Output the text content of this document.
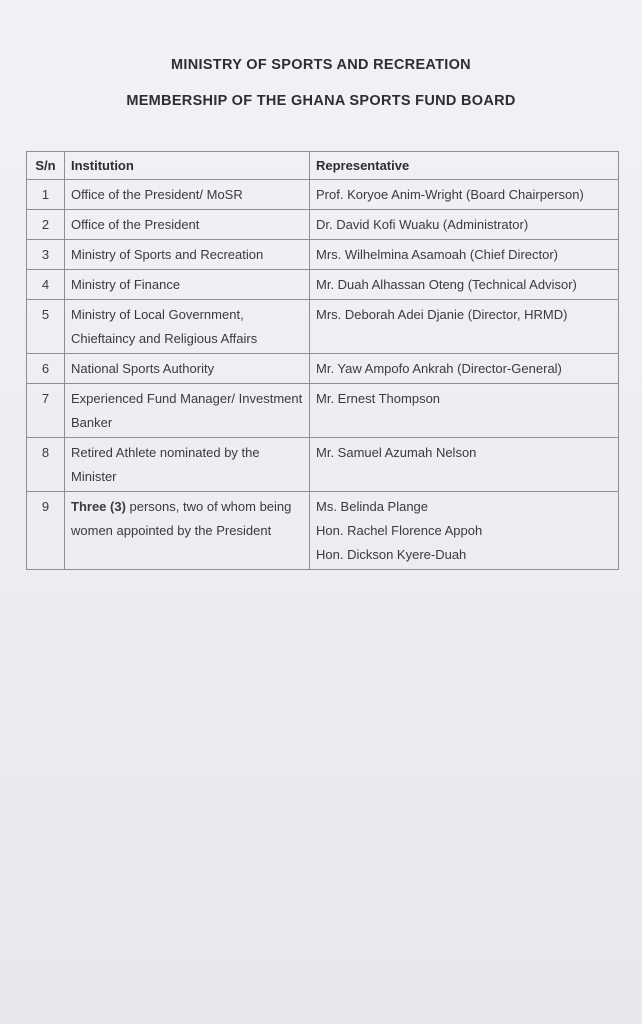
MINISTRY OF SPORTS AND RECREATION
MEMBERSHIP OF THE GHANA SPORTS FUND BOARD
S/n	Institution	Representative
1	Office of the President/ MoSR	Prof. Koryoe Anim-Wright (Board Chairperson)
2	Office of the President	Dr. David Kofi Wuaku (Administrator)
3	Ministry of Sports and Recreation	Mrs. Wilhelmina Asamoah (Chief Director)
4	Ministry of Finance	Mr. Duah Alhassan Oteng (Technical Advisor)
5	Ministry of Local Government, Chieftaincy and Religious Affairs	Mrs. Deborah Adei Djanie (Director, HRMD)
6	National Sports Authority	Mr. Yaw Ampofo Ankrah (Director-General)
7	Experienced Fund Manager/ Investment Banker	Mr. Ernest Thompson
8	Retired Athlete nominated by the Minister	Mr. Samuel Azumah Nelson
9	Three (3) persons, two of whom being women appointed by the President	Ms. Belinda Plange
Hon. Rachel Florence Appoh
Hon. Dickson Kyere-Duah
